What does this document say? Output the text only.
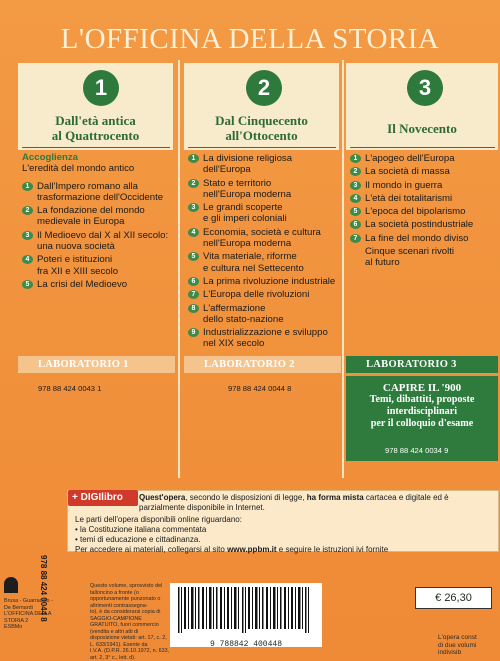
L'OFFICINA DELLA STORIA
1
Dall'età antica
al Quattrocento
Accoglienza
L'eredità del mondo antico
1 Dall'Impero romano alla
trasformazione dell'Occidente
2 La fondazione del mondo
medievale in Europa
3 Il Medioevo dal X al XII secolo:
una nuova società
4 Poteri e istituzioni
fra XII e XIII secolo
5 La crisi del Medioevo
LABORATORIO 1
978 88 424 0043 1
2
Dal Cinquecento
all'Ottocento
1 La divisione religiosa
dell'Europa
2 Stato e territorio
nell'Europa moderna
3 Le grandi scoperte
e gli imperi coloniali
4 Economia, società e cultura
nell'Europa moderna
5 Vita materiale, riforme
e cultura nel Settecento
6 La prima rivoluzione industriale
7 L'Europa delle rivoluzioni
8 L'affermazione
dello stato-nazione
9 Industrializzazione e sviluppo
nel XIX secolo
LABORATORIO 2
978 88 424 0044 8
3
Il Novecento
1 L'apogeo dell'Europa
2 La società di massa
3 Il mondo in guerra
4 L'età dei totalitarismi
5 L'epoca del bipolarismo
6 La società postindustriale
7 La fine del mondo diviso
Cinque scenari rivolti
al futuro
LABORATORIO 3
CAPIRE IL '900
Temi, dibattiti, proposte
interdisciplinari
per il colloquio d'esame
978 88 424 0034 9
+ DIGIlibro	Quest'opera, secondo le disposizioni di legge, ha forma mista cartacea e digitale ed è
parzialmente disponibile in Internet.
Le parti dell'opera disponibili online riguardano:
• la Costituzione italiana commentata
• temi di educazione e cittadinanza.
Per accedere ai materiali, collegarsi al sito www.ppbm.it e seguire le istruzioni ivi fornite
978 88 424 0044 8
Brusa - Guarracino -
De Bernardi
L'OFFICINA DELLA STORIA 2
ESBMo
Questo volume, sprovvisto del talloncino a fronte (o
opportunamente punzonato o altrimenti contrassegna-
to), è da considerarsi copia di SAGGIO-CAMPIONE
GRATUITO, fuori commercio (vendita e altri atti di
disposizione vietati: art. 17, c. 2, L. 633/1941). Esente da
I.V.A. (D.P.R. 26.10.1972, n. 633, art. 2, 3° c., lett. d).
9 788842 400448
€ 26,30
L'opera const
di due volumi indivisib
